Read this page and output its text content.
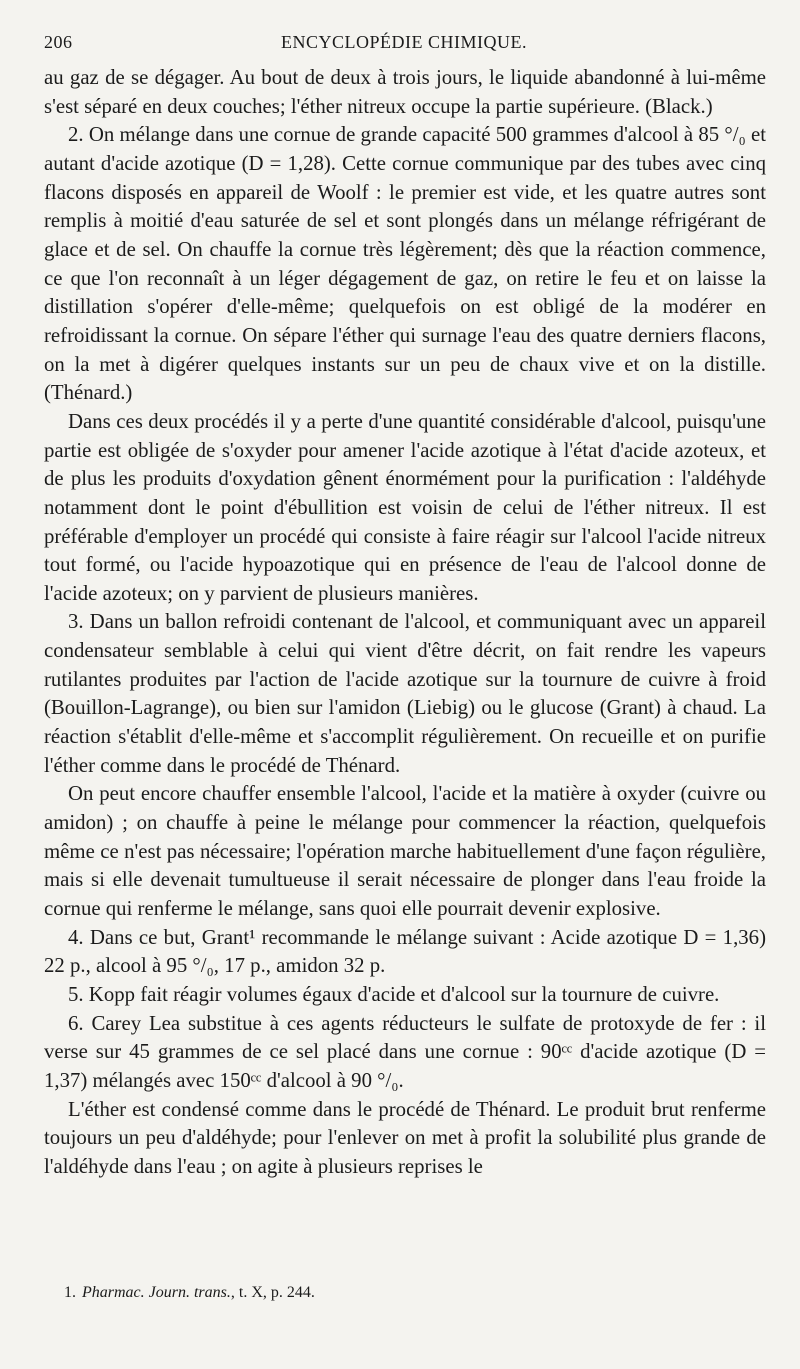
206	ENCYCLOPÉDIE CHIMIQUE.

au gaz de se dégager. Au bout de deux à trois jours, le liquide abandonné à lui-même s'est séparé en deux couches; l'éther nitreux occupe la partie supérieure. (Black.)

2. On mélange dans une cornue de grande capacité 500 grammes d'alcool à 85 °/₀ et autant d'acide azotique (D = 1,28). Cette cornue communique par des tubes avec cinq flacons disposés en appareil de Woolf : le premier est vide, et les quatre autres sont remplis à moitié d'eau saturée de sel et sont plongés dans un mélange réfrigérant de glace et de sel. On chauffe la cornue très légèrement; dès que la réaction commence, ce que l'on reconnaît à un léger dégagement de gaz, on retire le feu et on laisse la distillation s'opérer d'elle-même; quelquefois on est obligé de la modérer en refroidissant la cornue. On sépare l'éther qui surnage l'eau des quatre derniers flacons, on la met à digérer quelques instants sur un peu de chaux vive et on la distille. (Thénard.)

Dans ces deux procédés il y a perte d'une quantité considérable d'alcool, puisqu'une partie est obligée de s'oxyder pour amener l'acide azotique à l'état d'acide azoteux, et de plus les produits d'oxydation gênent énormément pour la purification : l'aldéhyde notamment dont le point d'ébullition est voisin de celui de l'éther nitreux. Il est préférable d'employer un procédé qui consiste à faire réagir sur l'alcool l'acide nitreux tout formé, ou l'acide hypoazotique qui en présence de l'eau de l'alcool donne de l'acide azoteux; on y parvient de plusieurs manières.

3. Dans un ballon refroidi contenant de l'alcool, et communiquant avec un appareil condensateur semblable à celui qui vient d'être décrit, on fait rendre les vapeurs rutilantes produites par l'action de l'acide azotique sur la tournure de cuivre à froid (Bouillon-Lagrange), ou bien sur l'amidon (Liebig) ou le glucose (Grant) à chaud. La réaction s'établit d'elle-même et s'accomplit régulièrement. On recueille et on purifie l'éther comme dans le procédé de Thénard.

On peut encore chauffer ensemble l'alcool, l'acide et la matière à oxyder (cuivre ou amidon) ; on chauffe à peine le mélange pour commencer la réaction, quelquefois même ce n'est pas nécessaire; l'opération marche habituellement d'une façon régulière, mais si elle devenait tumultueuse il serait nécessaire de plonger dans l'eau froide la cornue qui renferme le mélange, sans quoi elle pourrait devenir explosive.

4. Dans ce but, Grant¹ recommande le mélange suivant : Acide azotique D = 1,36) 22 p., alcool à 95 °/₀, 17 p., amidon 32 p.

5. Kopp fait réagir volumes égaux d'acide et d'alcool sur la tournure de cuivre.

6. Carey Lea substitue à ces agents réducteurs le sulfate de protoxyde de fer : il verse sur 45 grammes de ce sel placé dans une cornue : 90ᶜᶜ d'acide azotique (D = 1,37) mélangés avec 150ᶜᶜ d'alcool à 90 °/₀.

L'éther est condensé comme dans le procédé de Thénard. Le produit brut renferme toujours un peu d'aldéhyde; pour l'enlever on met à profit la solubilité plus grande de l'aldéhyde dans l'eau ; on agite à plusieurs reprises le

1. Pharmac. Journ. trans., t. X, p. 244.
